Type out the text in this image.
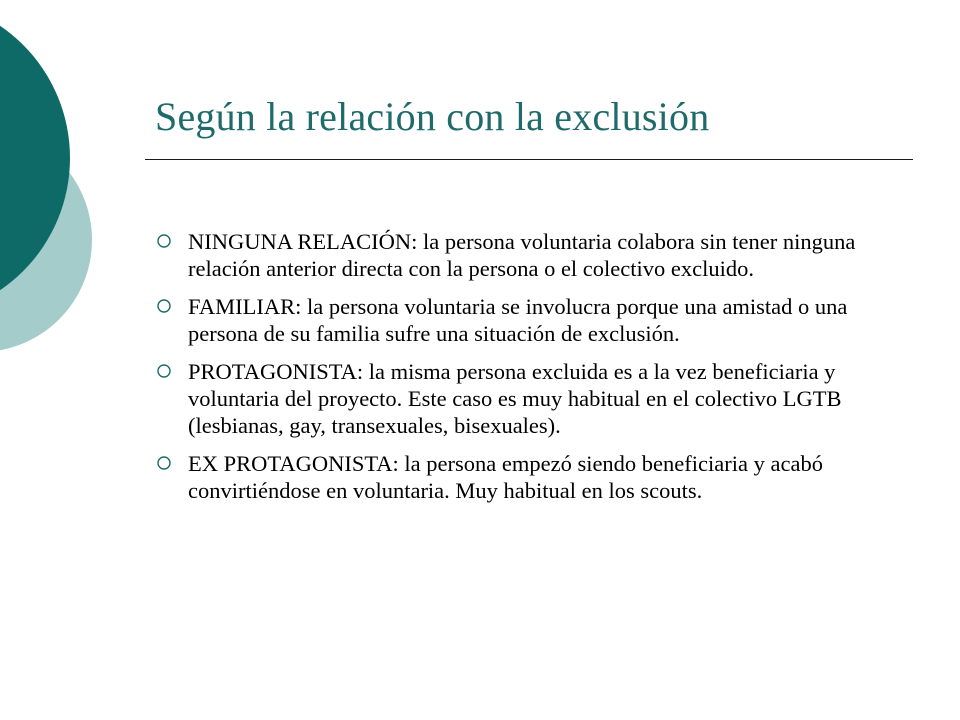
Según la relación con la exclusión
NINGUNA RELACIÓN: la persona voluntaria colabora sin tener ninguna relación anterior directa con la persona o el colectivo excluido.
FAMILIAR: la persona voluntaria se involucra porque una amistad o una persona de su familia sufre una situación de exclusión.
PROTAGONISTA: la misma persona excluida es a la vez beneficiaria y voluntaria del proyecto. Este caso es muy habitual en el colectivo LGTB (lesbianas, gay, transexuales, bisexuales).
EX PROTAGONISTA: la persona empezó siendo beneficiaria y acabó convirtiéndose en voluntaria. Muy habitual en los scouts.
